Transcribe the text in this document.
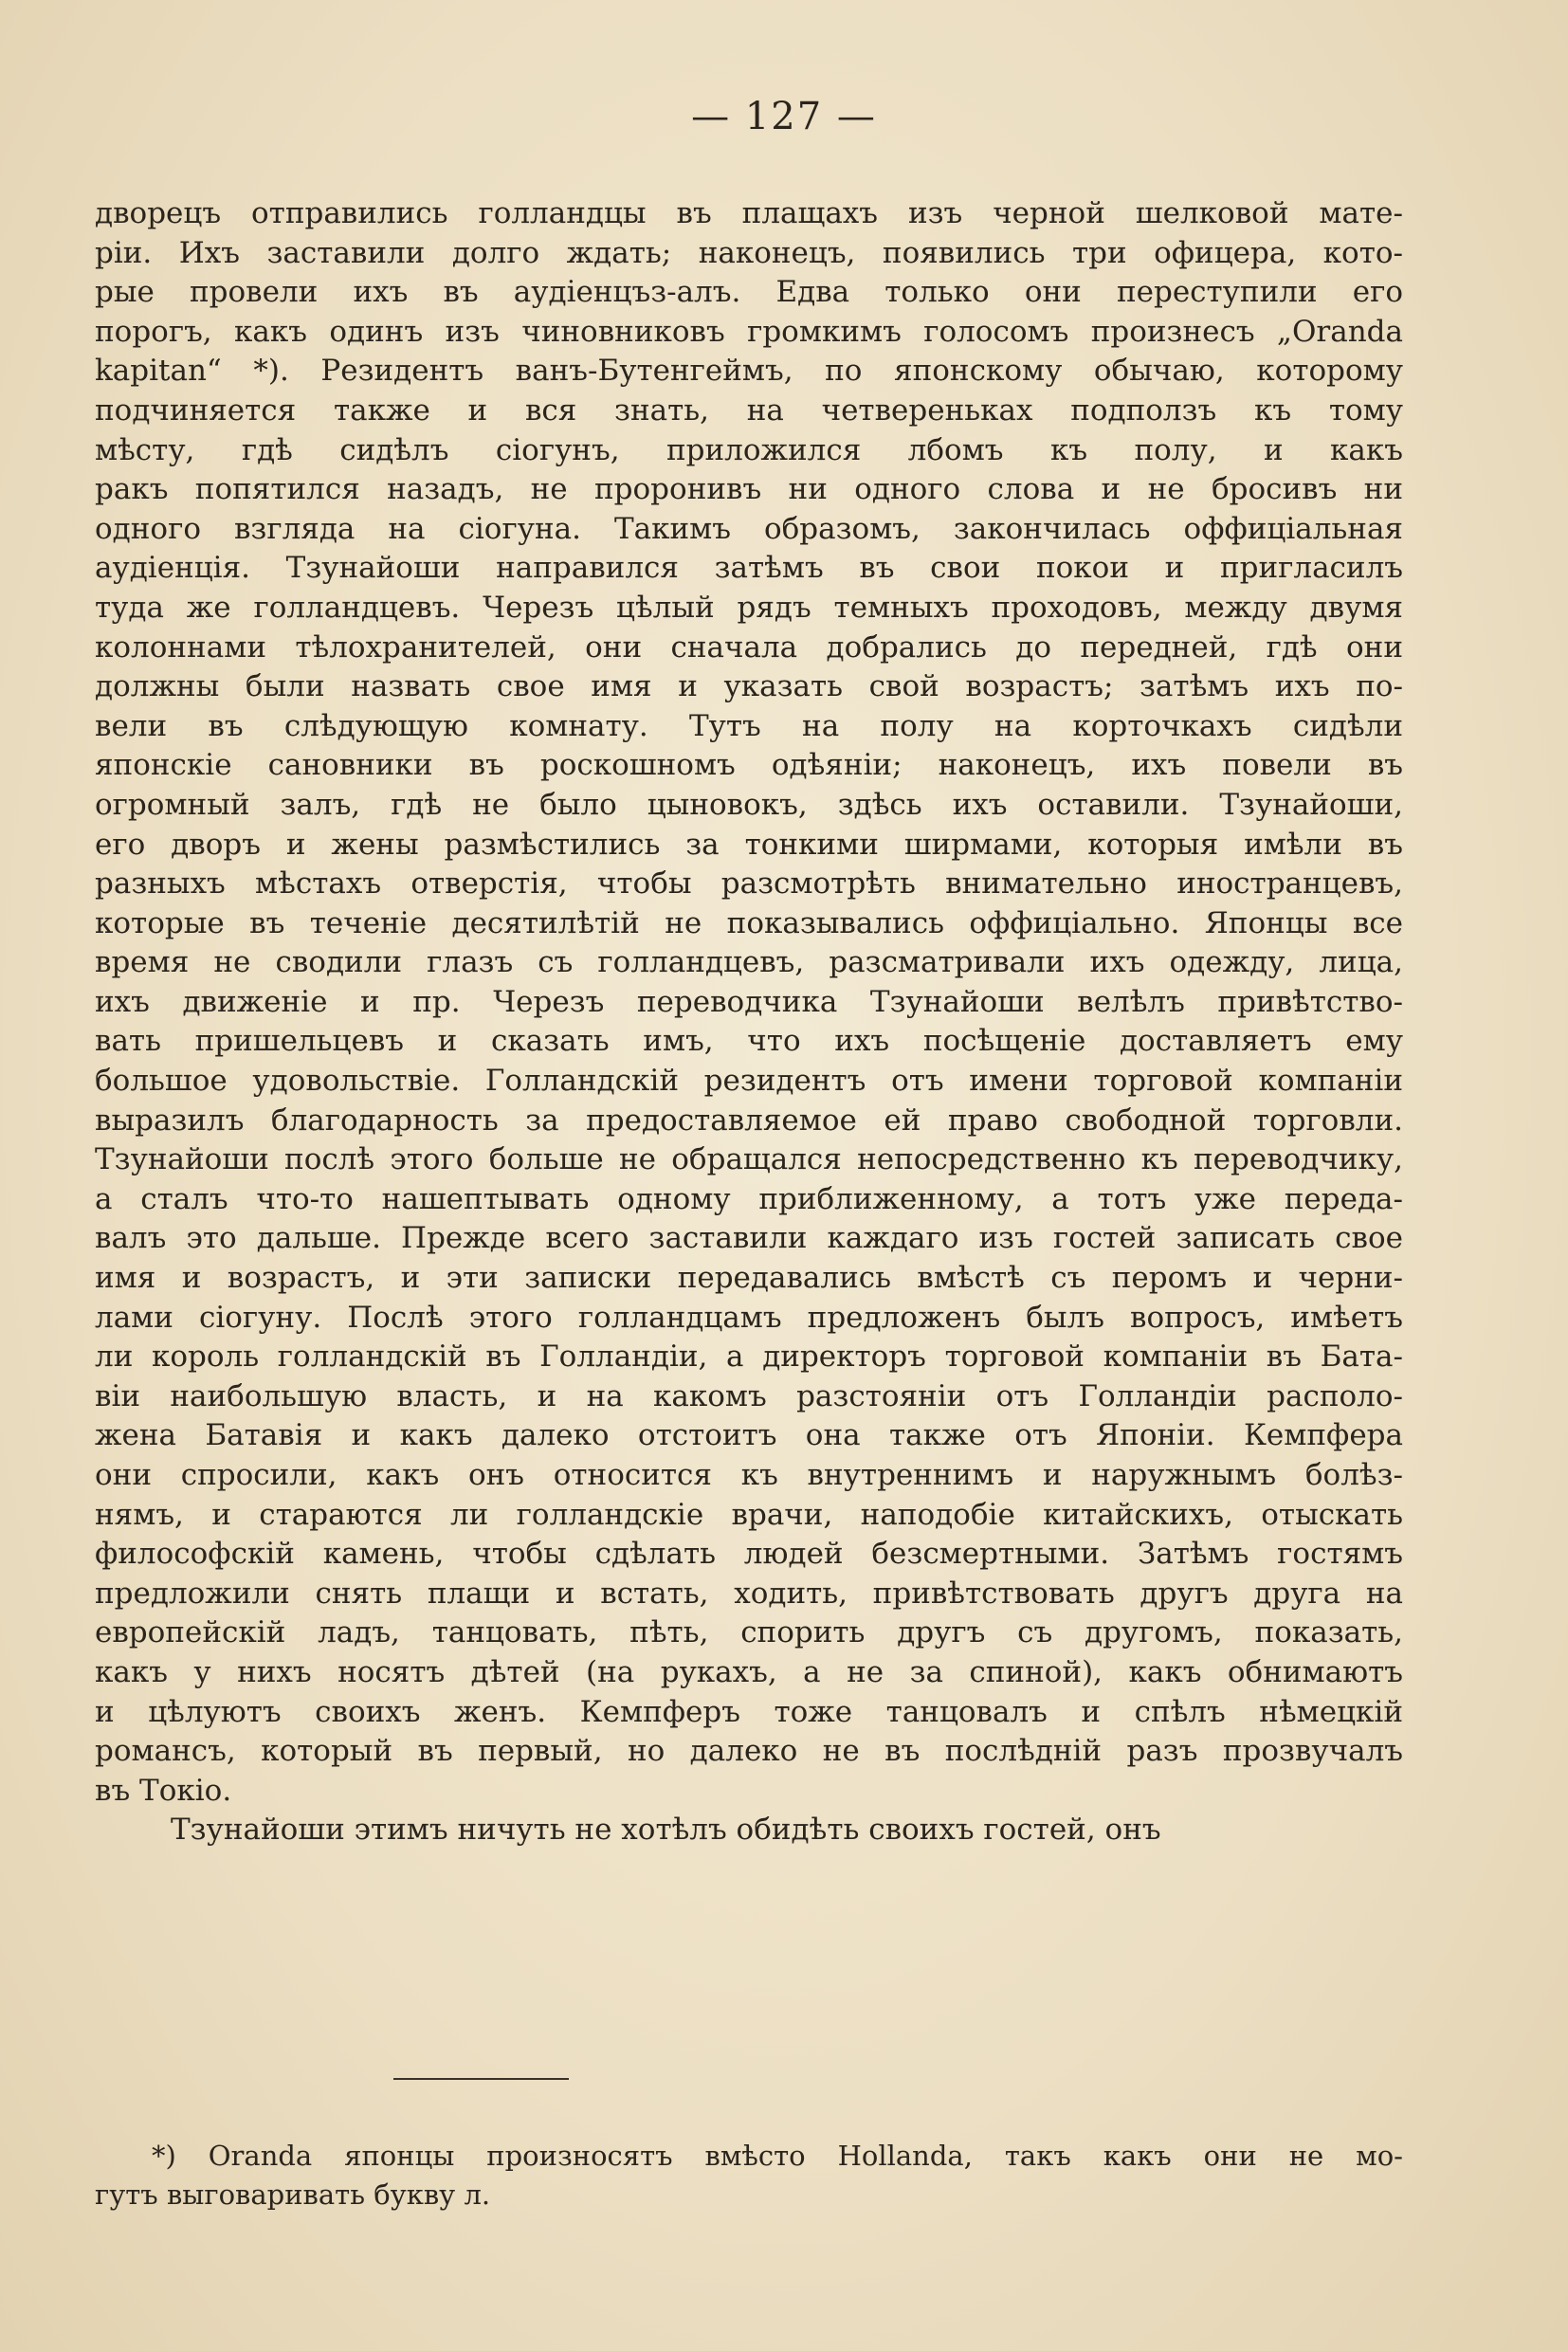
— 127 —
дворецъ отправились голландцы въ плащахъ изъ черной шелковой мате-
ріи. Ихъ заставили долго ждать; наконецъ, появились три офицера, кото-
рые провели ихъ въ аудіенцъз-алъ. Едва только они переступили его
порогъ, какъ одинъ изъ чиновниковъ громкимъ голосомъ произнесъ „Oranda
kapitan“ *). Резидентъ ванъ-Бутенгеймъ, по японскому обычаю, которому
подчиняется также и вся знать, на четвереньках подползъ къ тому
мѣсту, гдѣ сидѣлъ сіогунъ, приложился лбомъ къ полу, и какъ
ракъ попятился назадъ, не проронивъ ни одного слова и не бросивъ ни
одного взгляда на сіогуна. Такимъ образомъ, закончилась оффиціальная
аудіенція. Тзунайоши направился затѣмъ въ свои покои и пригласилъ
туда же голландцевъ. Черезъ цѣлый рядъ темныхъ проходовъ, между двумя
колоннами тѣлохранителей, они сначала добрались до передней, гдѣ они
должны были назвать свое имя и указать свой возрастъ; затѣмъ ихъ по-
вели въ слѣдующую комнату. Тутъ на полу на корточкахъ сидѣли
японскіе сановники въ роскошномъ одѣяніи; наконецъ, ихъ повели въ
огромный залъ, гдѣ не было цыновокъ, здѣсь ихъ оставили. Тзунайоши,
его дворъ и жены размѣстились за тонкими ширмами, которыя имѣли въ
разныхъ мѣстахъ отверстія, чтобы разсмотрѣть внимательно иностранцевъ,
которые въ теченіе десятилѣтій не показывались оффиціально. Японцы все
время не сводили глазъ съ голландцевъ, разсматривали ихъ одежду, лица,
ихъ движеніе и пр. Черезъ переводчика Тзунайоши велѣлъ привѣтство-
вать пришельцевъ и сказать имъ, что ихъ посѣщеніе доставляетъ ему
большое удовольствіе. Голландскій резидентъ отъ имени торговой компаніи
выразилъ благодарность за предоставляемое ей право свободной торговли.
Тзунайоши послѣ этого больше не обращался непосредственно къ переводчику,
а сталъ что-то нашептывать одному приближенному, а тотъ уже переда-
валъ это дальше. Прежде всего заставили каждаго изъ гостей записать свое
имя и возрастъ, и эти записки передавались вмѣстѣ съ перомъ и черни-
лами сіогуну. Послѣ этого голландцамъ предложенъ былъ вопросъ, имѣетъ
ли король голландскій въ Голландіи, а директоръ торговой компаніи въ Бата-
віи наибольшую власть, и на какомъ разстояніи отъ Голландіи располо-
жена Батавія и какъ далеко отстоитъ она также отъ Японіи. Кемпфера
они спросили, какъ онъ относится къ внутреннимъ и наружнымъ болѣз-
нямъ, и стараются ли голландскіе врачи, наподобіе китайскихъ, отыскать
философскій камень, чтобы сдѣлать людей безсмертными. Затѣмъ гостямъ
предложили снять плащи и встать, ходить, привѣтствовать другъ друга на
европейскій ладъ, танцовать, пѣть, спорить другъ съ другомъ, показать,
какъ у нихъ носятъ дѣтей (на рукахъ, а не за спиной), какъ обнимаютъ
и цѣлуютъ своихъ женъ. Кемпферъ тоже танцовалъ и спѣлъ нѣмецкій
романсъ, который въ первый, но далеко не въ послѣдній разъ прозвучалъ
въ Токіо.
Тзунайоши этимъ ничуть не хотѣлъ обидѣть своихъ гостей, онъ
*) Oranda японцы произносятъ вмѣсто Hollanda, такъ какъ они не мо-
гутъ выговаривать букву л.
